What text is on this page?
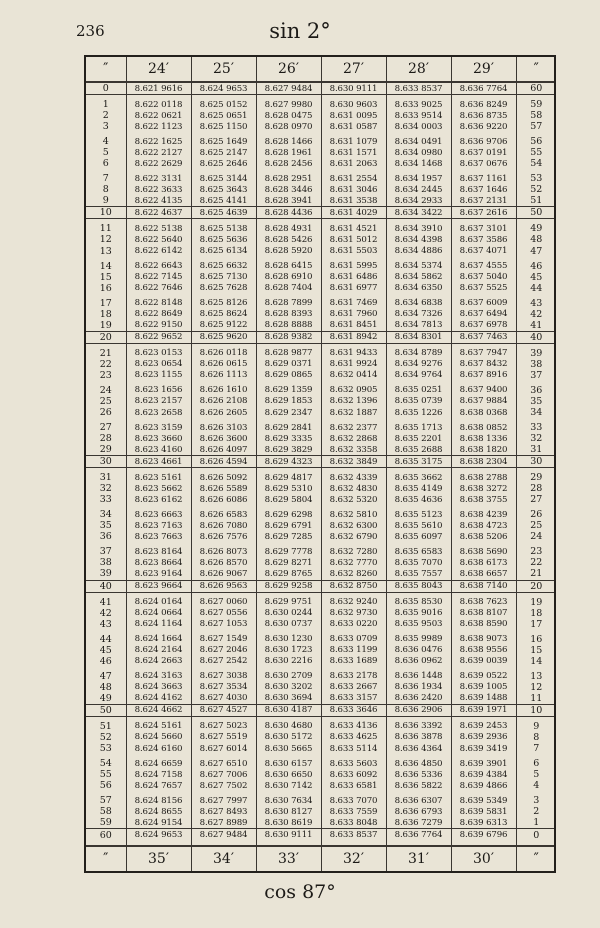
236	sin 2°
″	24′	25′	26′	27′	28′	29′	″
0	8.621 9616	8.624 9653	8.627 9484	8.630 9111	8.633 8537	8.636 7764	60
1	8.622 0118	8.625 0152	8.627 9980	8.630 9603	8.633 9025	8.636 8249	59
2	8.622 0621	8.625 0651	8.628 0475	8.631 0095	8.633 9514	8.636 8735	58
3	8.622 1123	8.625 1150	8.628 0970	8.631 0587	8.634 0003	8.636 9220	57
4	8.622 1625	8.625 1649	8.628 1466	8.631 1079	8.634 0491	8.636 9706	56
5	8.622 2127	8.625 2147	8.628 1961	8.631 1571	8.634 0980	8.637 0191	55
6	8.622 2629	8.625 2646	8.628 2456	8.631 2063	8.634 1468	8.637 0676	54
7	8.622 3131	8.625 3144	8.628 2951	8.631 2554	8.634 1957	8.637 1161	53
8	8.622 3633	8.625 3643	8.628 3446	8.631 3046	8.634 2445	8.637 1646	52
9	8.622 4135	8.625 4141	8.628 3941	8.631 3538	8.634 2933	8.637 2131	51
10	8.622 4637	8.625 4639	8.628 4436	8.631 4029	8.634 3422	8.637 2616	50
11	8.622 5138	8.625 5138	8.628 4931	8.631 4521	8.634 3910	8.637 3101	49
12	8.622 5640	8.625 5636	8.628 5426	8.631 5012	8.634 4398	8.637 3586	48
13	8.622 6142	8.625 6134	8.628 5920	8.631 5503	8.634 4886	8.637 4071	47
14	8.622 6643	8.625 6632	8.628 6415	8.631 5995	8.634 5374	8.637 4555	46
15	8.622 7145	8.625 7130	8.628 6910	8.631 6486	8.634 5862	8.637 5040	45
16	8.622 7646	8.625 7628	8.628 7404	8.631 6977	8.634 6350	8.637 5525	44
17	8.622 8148	8.625 8126	8.628 7899	8.631 7469	8.634 6838	8.637 6009	43
18	8.622 8649	8.625 8624	8.628 8393	8.631 7960	8.634 7326	8.637 6494	42
19	8.622 9150	8.625 9122	8.628 8888	8.631 8451	8.634 7813	8.637 6978	41
20	8.622 9652	8.625 9620	8.628 9382	8.631 8942	8.634 8301	8.637 7463	40
21	8.623 0153	8.626 0118	8.628 9877	8.631 9433	8.634 8789	8.637 7947	39
22	8.623 0654	8.626 0615	8.629 0371	8.631 9924	8.634 9276	8.637 8432	38
23	8.623 1155	8.626 1113	8.629 0865	8.632 0414	8.634 9764	8.637 8916	37
24	8.623 1656	8.626 1610	8.629 1359	8.632 0905	8.635 0251	8.637 9400	36
25	8.623 2157	8.626 2108	8.629 1853	8.632 1396	8.635 0739	8.637 9884	35
26	8.623 2658	8.626 2605	8.629 2347	8.632 1887	8.635 1226	8.638 0368	34
27	8.623 3159	8.626 3103	8.629 2841	8.632 2377	8.635 1713	8.638 0852	33
28	8.623 3660	8.626 3600	8.629 3335	8.632 2868	8.635 2201	8.638 1336	32
29	8.623 4160	8.626 4097	8.629 3829	8.632 3358	8.635 2688	8.638 1820	31
30	8.623 4661	8.626 4594	8.629 4323	8.632 3849	8.635 3175	8.638 2304	30
31	8.623 5161	8.626 5092	8.629 4817	8.632 4339	8.635 3662	8.638 2788	29
32	8.623 5662	8.626 5589	8.629 5310	8.632 4830	8.635 4149	8.638 3272	28
33	8.623 6162	8.626 6086	8.629 5804	8.632 5320	8.635 4636	8.638 3755	27
34	8.623 6663	8.626 6583	8.629 6298	8.632 5810	8.635 5123	8.638 4239	26
35	8.623 7163	8.626 7080	8.629 6791	8.632 6300	8.635 5610	8.638 4723	25
36	8.623 7663	8.626 7576	8.629 7285	8.632 6790	8.635 6097	8.638 5206	24
37	8.623 8164	8.626 8073	8.629 7778	8.632 7280	8.635 6583	8.638 5690	23
38	8.623 8664	8.626 8570	8.629 8271	8.632 7770	8.635 7070	8.638 6173	22
39	8.623 9164	8.626 9067	8.629 8765	8.632 8260	8.635 7557	8.638 6657	21
40	8.623 9664	8.626 9563	8.629 9258	8.632 8750	8.635 8043	8.638 7140	20
41	8.624 0164	8.627 0060	8.629 9751	8.632 9240	8.635 8530	8.638 7623	19
42	8.624 0664	8.627 0556	8.630 0244	8.632 9730	8.635 9016	8.638 8107	18
43	8.624 1164	8.627 1053	8.630 0737	8.633 0220	8.635 9503	8.638 8590	17
44	8.624 1664	8.627 1549	8.630 1230	8.633 0709	8.635 9989	8.638 9073	16
45	8.624 2164	8.627 2046	8.630 1723	8.633 1199	8.636 0476	8.638 9556	15
46	8.624 2663	8.627 2542	8.630 2216	8.633 1689	8.636 0962	8.639 0039	14
47	8.624 3163	8.627 3038	8.630 2709	8.633 2178	8.636 1448	8.639 0522	13
48	8.624 3663	8.627 3534	8.630 3202	8.633 2667	8.636 1934	8.639 1005	12
49	8.624 4162	8.627 4030	8.630 3694	8.633 3157	8.636 2420	8.639 1488	11
50	8.624 4662	8.627 4527	8.630 4187	8.633 3646	8.636 2906	8.639 1971	10
51	8.624 5161	8.627 5023	8.630 4680	8.633 4136	8.636 3392	8.639 2453	9
52	8.624 5660	8.627 5519	8.630 5172	8.633 4625	8.636 3878	8.639 2936	8
53	8.624 6160	8.627 6014	8.630 5665	8.633 5114	8.636 4364	8.639 3419	7
54	8.624 6659	8.627 6510	8.630 6157	8.633 5603	8.636 4850	8.639 3901	6
55	8.624 7158	8.627 7006	8.630 6650	8.633 6092	8.636 5336	8.639 4384	5
56	8.624 7657	8.627 7502	8.630 7142	8.633 6581	8.636 5822	8.639 4866	4
57	8.624 8156	8.627 7997	8.630 7634	8.633 7070	8.636 6307	8.639 5349	3
58	8.624 8655	8.627 8493	8.630 8127	8.633 7559	8.636 6793	8.639 5831	2
59	8.624 9154	8.627 8989	8.630 8619	8.633 8048	8.636 7279	8.639 6313	1
60	8.624 9653	8.627 9484	8.630 9111	8.633 8537	8.636 7764	8.639 6796	0
″	35′	34′	33′	32′	31′	30′	″
cos 87°
